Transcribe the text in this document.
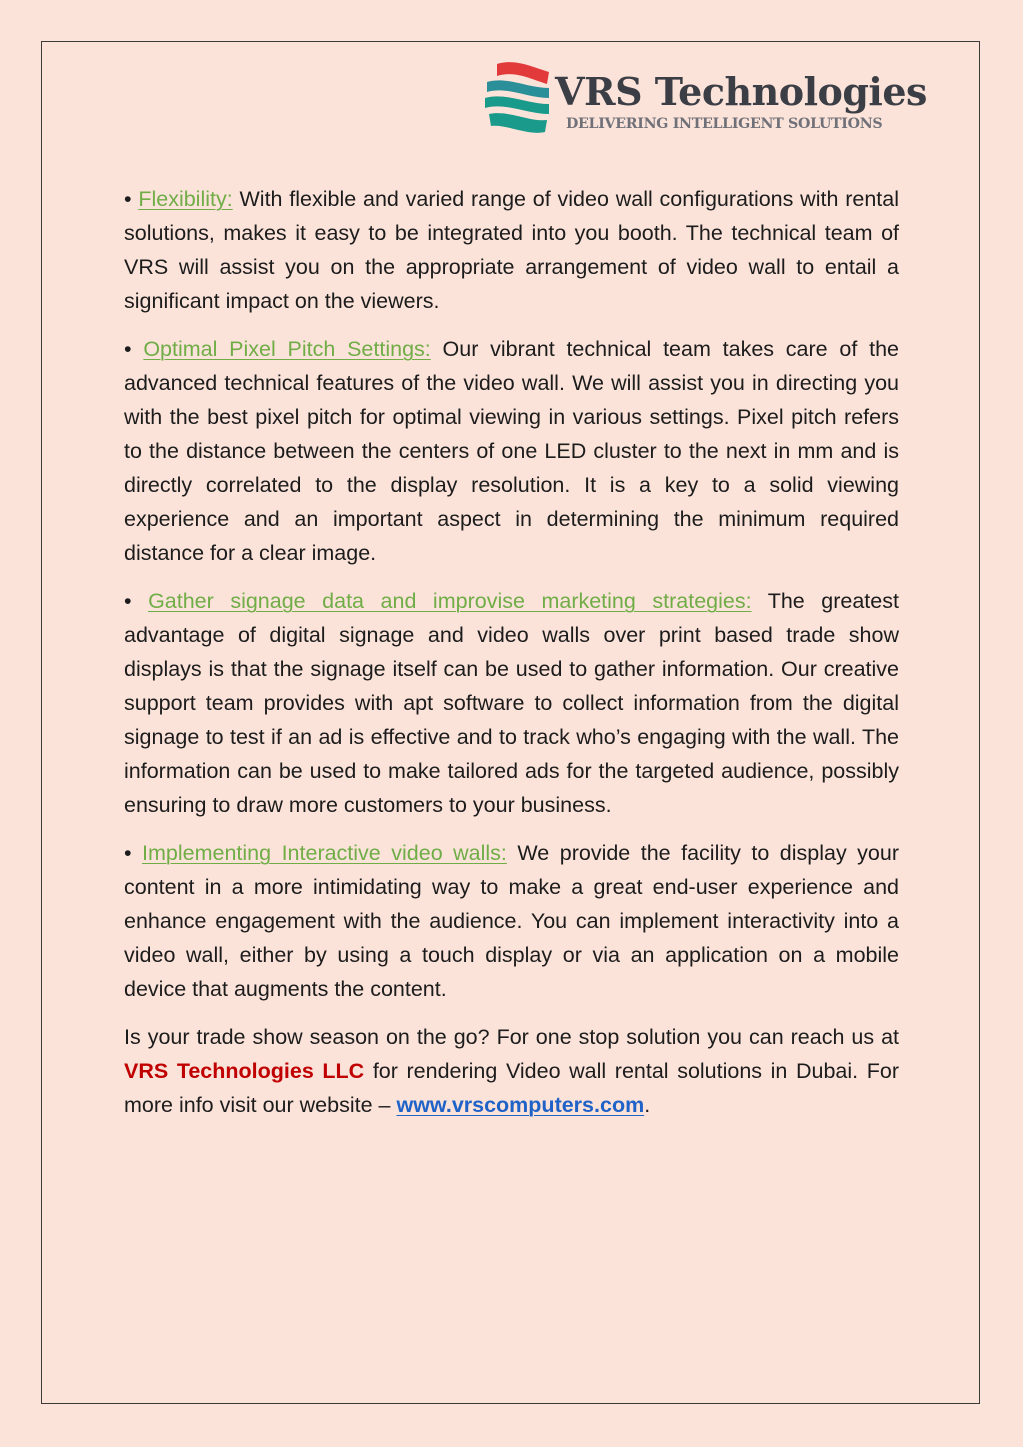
VRS Technologies
DELIVERING INTELLIGENT SOLUTIONS

• Flexibility: With flexible and varied range of video wall configurations with rental solutions, makes it easy to be integrated into you booth. The technical team of VRS will assist you on the appropriate arrangement of video wall to entail a significant impact on the viewers.

• Optimal Pixel Pitch Settings: Our vibrant technical team takes care of the advanced technical features of the video wall. We will assist you in directing you with the best pixel pitch for optimal viewing in various settings. Pixel pitch refers to the distance between the centers of one LED cluster to the next in mm and is directly correlated to the display resolution. It is a key to a solid viewing experience and an important aspect in determining the minimum required distance for a clear image.

• Gather signage data and improvise marketing strategies: The greatest advantage of digital signage and video walls over print based trade show displays is that the signage itself can be used to gather information. Our creative support team provides with apt software to collect information from the digital signage to test if an ad is effective and to track who’s engaging with the wall. The information can be used to make tailored ads for the targeted audience, possibly ensuring to draw more customers to your business.

• Implementing Interactive video walls: We provide the facility to display your content in a more intimidating way to make a great end-user experience and enhance engagement with the audience. You can implement interactivity into a video wall, either by using a touch display or via an application on a mobile device that augments the content.

Is your trade show season on the go? For one stop solution you can reach us at VRS Technologies LLC for rendering Video wall rental solutions in Dubai. For more info visit our website – www.vrscomputers.com.
